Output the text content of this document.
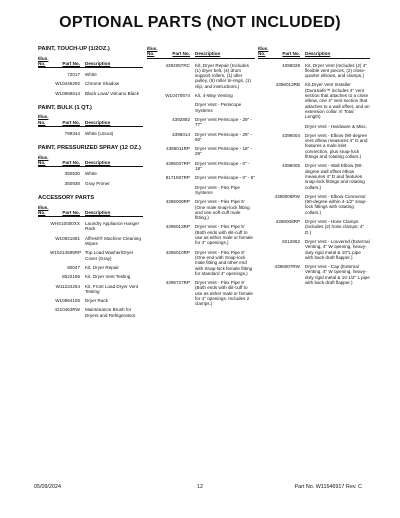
OPTIONAL PARTS (NOT INCLUDED)
PAINT, TOUCH-UP (1/2OZ.)
Illus. No.	Part No.	Description
72017	White
W10446292	Chrome Shadow
W10868614	Black Lava/ Volcano Black
PAINT, BULK (1 QT.)
Illus. No.	Part No.	Description
799344	White (Unout)
PAINT, PRESSURIZED SPRAY (12 OZ.)
Illus. No.	Part No.	Description
350530	White
350938	Gray Primer
ACCESSORY PARTS
Illus. No.	Part No.	Description
WHS10000XX	Laundry Appliance Hanger Rack
W10921681	Affresh® Machine Cleaning Wipes
W10214598RP Top Load Washer/Dryer Cover (Gray)
80047	Kit, Dryer Repair
8522196	Kit, Dryer Vent Testing
W11224254	Kit, Front Load Dryer Vent Testing
W10864105	Dryer Rack
4210463RW	Maintenance Brush for Dryers and Refrigerators
Illus. No.	Part No.	Description
4392067RC	Kit, Dryer Repair (Includes (1) dryer belt, (4) drum support rollers, (1) idler pulley, (9) roller tri-rings, (1) clip, and instructions.)
W10470674	Kit, 4-Way Venting
Dryer Vent - Periscope Systems
4392892	Dryer Vent Periscope - 29" - 77"
4396014	Dryer Vent Periscope - 29" - 50"
4396011RP	Dryer Vent Periscope - 18" - 29"
4396037RP	Dryer Vent Periscope - 0" - 18"
8171587RP	Dryer Vent Periscope - 0" - 5"
Dryer Vent - Flex Pipe Systems
4396009RP	Dryer Vent - Flex Pipe 5' (One male snap-lock fitting and one soft-cuff male fitting.)
4396013RP	Dryer Vent - Flex Pipe 5' (Both ends with slit-cuff to use as either male or female for 4" openings.)
4396010RP	Dryer Vent - Flex Pipe 8' (One end with Snap-lock male fitting and other end with Snap-lock female fitting for standard 4" openings.)
4396727RP	Dryer Vent - Flex Pipe 8' (Both ends with slit-cuff to use as either male or female for 4" openings. Includes 2 clamps.)
Illus. No.	Part No.	Description
4396028	Kit, Dryer Vent (Includes (2) 4" flexible vent pieces, (2) close-quarter elbows, and clamps.)
4396013RB	Kit,Dryer Vent Installer (DuraSafe™ includes 4" vent section that attaches to a close elbow, one 4" vent section that attaches to a wall offset, and an extension collar. 8' Total Length)
Dryer Vent - Hardware & Misc.
4396004	Dryer Vent - Elbow (90-degree vent elbow measures 4" D and features a male inlet connection, plus snap-lock fittings and rotating collars.)
4396005	Dryer Vent - Wall Elbow (90-degree wall offset elbow measures 4" D and features snap-lock fittings and rotating collars.)
4396006RW	Dryer Vent - Elbow Connector (90-degree within 4-1/2" snap-lock fittings with rotating collars.)
4396008RP	Dryer Vent - Hose Clamps (includes (2) hose clamps; 4" D.)
8212662	Dryer Vent - Louvered (External Venting, 4" W opening, heavy-duty rigid metal & 10"L pipe with back draft flapper.)
4396007RW	Dryer Vent - Cap (External Venting, 4" W opening, heavy-duty rigid metal & 10 1/2" L pipe with back draft flapper.)
05/09/2024	12	Part No. W11546917 Rev. C
